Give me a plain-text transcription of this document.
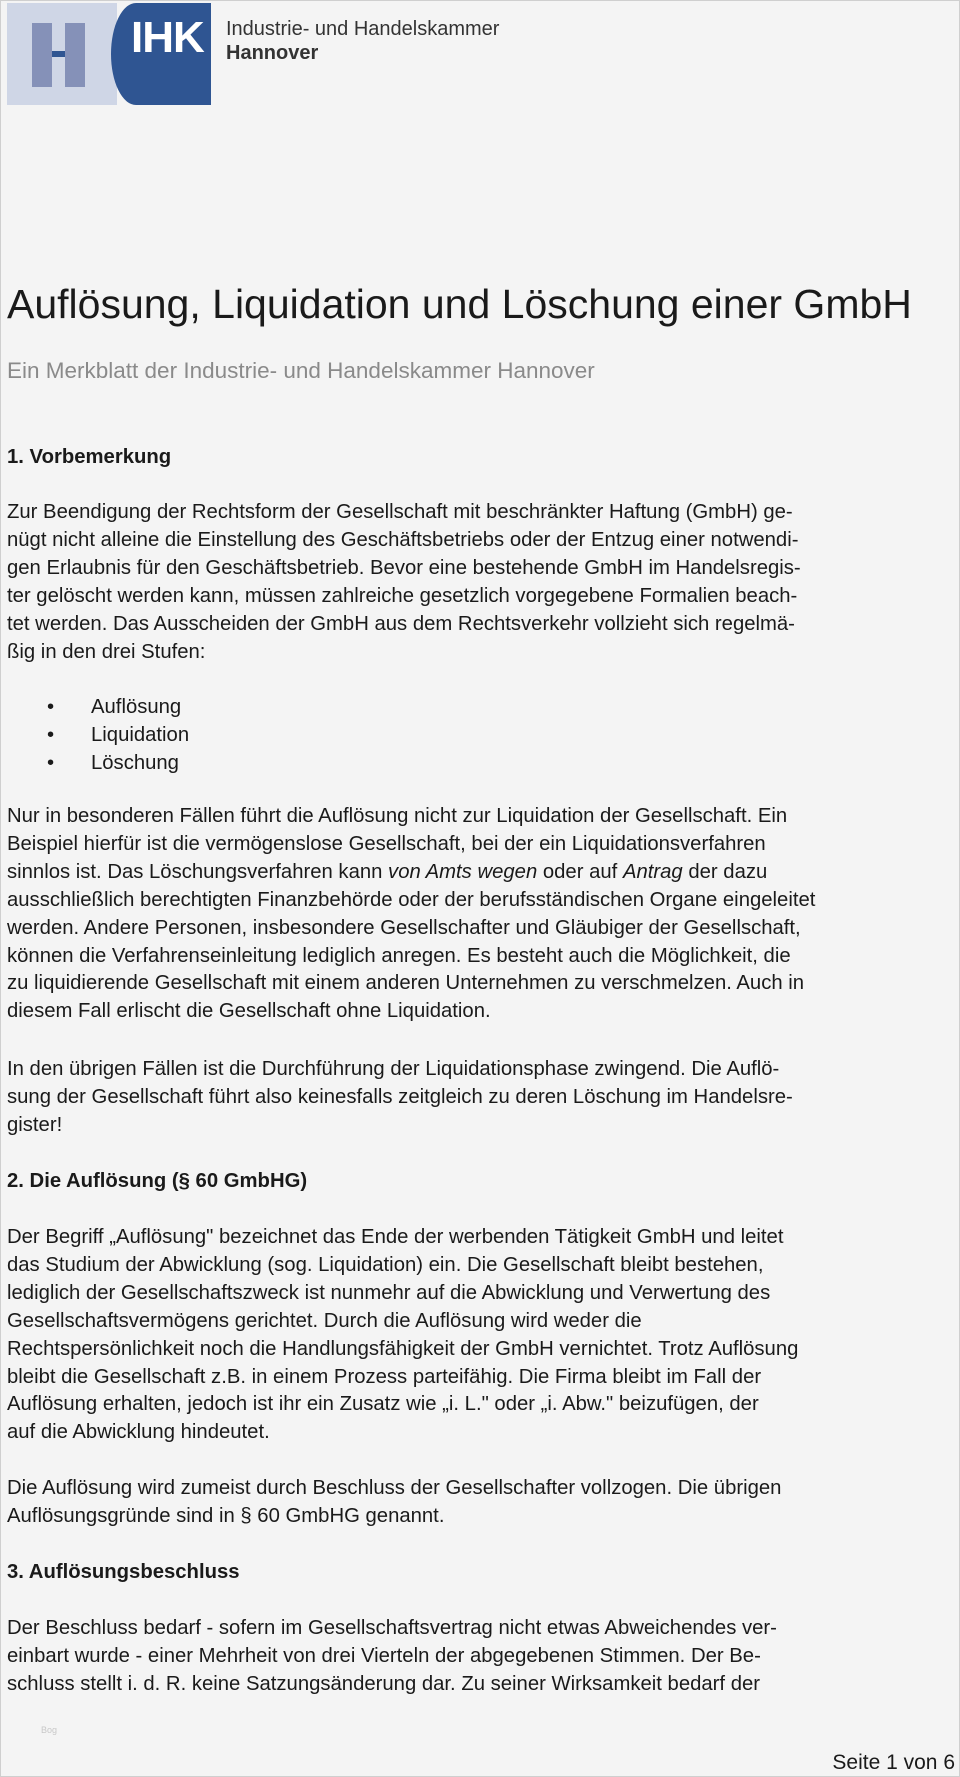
IHK Industrie- und Handelskammer
Hannover
Auflösung, Liquidation und Löschung einer GmbH
Ein Merkblatt der Industrie- und Handelskammer Hannover
1. Vorbemerkung
Zur Beendigung der Rechtsform der Gesellschaft mit beschränkter Haftung (GmbH) ge-
nügt nicht alleine die Einstellung des Geschäftsbetriebs oder der Entzug einer notwendi-
gen Erlaubnis für den Geschäftsbetrieb. Bevor eine bestehende GmbH im Handelsregis-
ter gelöscht werden kann, müssen zahlreiche gesetzlich vorgegebene Formalien beach-
tet werden. Das Ausscheiden der GmbH aus dem Rechtsverkehr vollzieht sich regelmä-
ßig in den drei Stufen:
• Auflösung
• Liquidation
• Löschung
Nur in besonderen Fällen führt die Auflösung nicht zur Liquidation der Gesellschaft. Ein
Beispiel hierfür ist die vermögenslose Gesellschaft, bei der ein Liquidationsverfahren
sinnlos ist. Das Löschungsverfahren kann von Amts wegen oder auf Antrag der dazu
ausschließlich berechtigten Finanzbehörde oder der berufsständischen Organe eingeleitet
werden. Andere Personen, insbesondere Gesellschafter und Gläubiger der Gesellschaft,
können die Verfahrenseinleitung lediglich anregen. Es besteht auch die Möglichkeit, die
zu liquidierende Gesellschaft mit einem anderen Unternehmen zu verschmelzen. Auch in
diesem Fall erlischt die Gesellschaft ohne Liquidation.
In den übrigen Fällen ist die Durchführung der Liquidationsphase zwingend. Die Auflö-
sung der Gesellschaft führt also keinesfalls zeitgleich zu deren Löschung im Handelsre-
gister!
2. Die Auflösung (§ 60 GmbHG)
Der Begriff „Auflösung" bezeichnet das Ende der werbenden Tätigkeit GmbH und leitet
das Studium der Abwicklung (sog. Liquidation) ein. Die Gesellschaft bleibt bestehen,
lediglich der Gesellschaftszweck ist nunmehr auf die Abwicklung und Verwertung des
Gesellschaftsvermögens gerichtet. Durch die Auflösung wird weder die
Rechtspersönlichkeit noch die Handlungsfähigkeit der GmbH vernichtet. Trotz Auflösung
bleibt die Gesellschaft z.B. in einem Prozess parteifähig. Die Firma bleibt im Fall der
Auflösung erhalten, jedoch ist ihr ein Zusatz wie „i. L." oder „i. Abw." beizufügen, der
auf die Abwicklung hindeutet.
Die Auflösung wird zumeist durch Beschluss der Gesellschafter vollzogen. Die übrigen
Auflösungsgründe sind in § 60 GmbHG genannt.
3. Auflösungsbeschluss
Der Beschluss bedarf - sofern im Gesellschaftsvertrag nicht etwas Abweichendes ver-
einbart wurde - einer Mehrheit von drei Vierteln der abgegebenen Stimmen. Der Be-
schluss stellt i. d. R. keine Satzungsänderung dar. Zu seiner Wirksamkeit bedarf der
Bog
Seite 1 von 6
